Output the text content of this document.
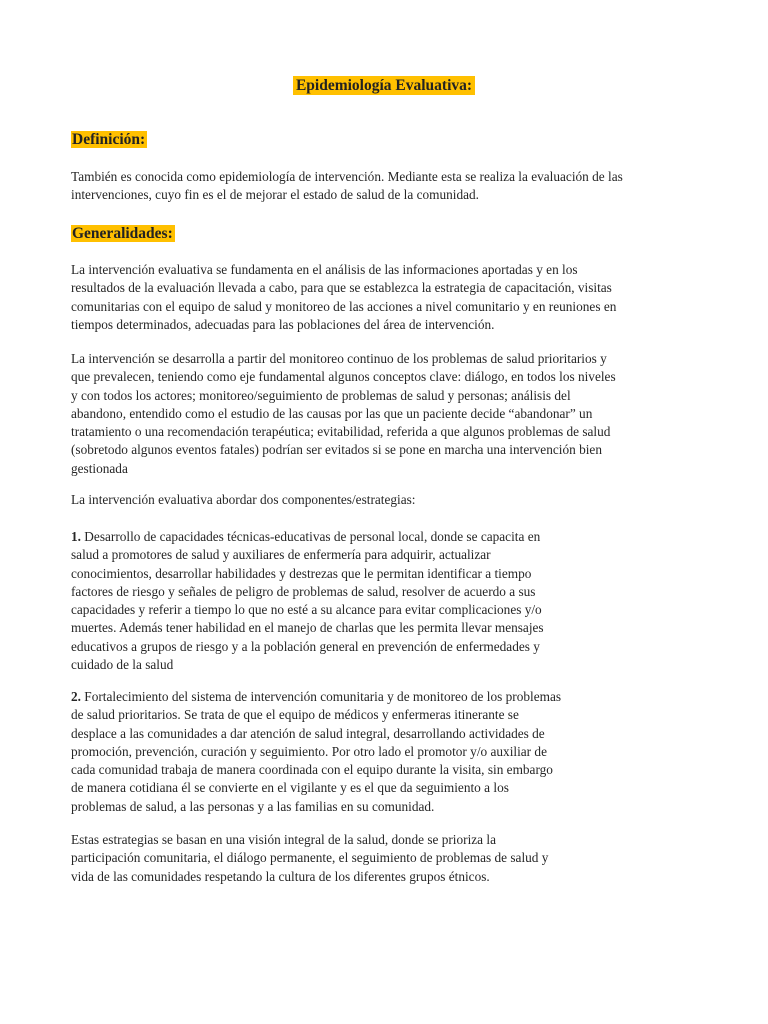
Epidemiología Evaluativa:
Definición:

También es conocida como epidemiología de intervención. Mediante esta se realiza la evaluación de las
intervenciones, cuyo fin es el de mejorar el estado de salud de la comunidad.

Generalidades:

La intervención evaluativa se fundamenta en el análisis de las informaciones aportadas y en los
resultados de la evaluación llevada a cabo, para que se establezca la estrategia de capacitación, visitas
comunitarias con el equipo de salud y monitoreo de las acciones a nivel comunitario y en reuniones en
tiempos determinados, adecuadas para las poblaciones del área de intervención.

La intervención se desarrolla a partir del monitoreo continuo de los problemas de salud prioritarios y
que prevalecen, teniendo como eje fundamental algunos conceptos clave: diálogo, en todos los niveles
y con todos los actores; monitoreo/seguimiento de problemas de salud y personas; análisis del
abandono, entendido como el estudio de las causas por las que un paciente decide “abandonar” un
tratamiento o una recomendación terapéutica; evitabilidad, referida a que algunos problemas de salud
(sobretodo algunos eventos fatales) podrían ser evitados si se pone en marcha una intervención bien
gestionada

La intervención evaluativa abordar dos componentes/estrategias:

1. Desarrollo de capacidades técnicas-educativas de personal local, donde se capacita en
salud a promotores de salud y auxiliares de enfermería para adquirir, actualizar
conocimientos, desarrollar habilidades y destrezas que le permitan identificar a tiempo
factores de riesgo y señales de peligro de problemas de salud, resolver de acuerdo a sus
capacidades y referir a tiempo lo que no esté a su alcance para evitar complicaciones y/o
muertes. Además tener habilidad en el manejo de charlas que les permita llevar mensajes
educativos a grupos de riesgo y a la población general en prevención de enfermedades y
cuidado de la salud

2. Fortalecimiento del sistema de intervención comunitaria y de monitoreo de los problemas
de salud prioritarios. Se trata de que el equipo de médicos y enfermeras itinerante se
desplace a las comunidades a dar atención de salud integral, desarrollando actividades de
promoción, prevención, curación y seguimiento. Por otro lado el promotor y/o auxiliar de
cada comunidad trabaja de manera coordinada con el equipo durante la visita, sin embargo
de manera cotidiana él se convierte en el vigilante y es el que da seguimiento a los
problemas de salud, a las personas y a las familias en su comunidad.

Estas estrategias se basan en una visión integral de la salud, donde se prioriza la
participación comunitaria, el diálogo permanente, el seguimiento de problemas de salud y
vida de las comunidades respetando la cultura de los diferentes grupos étnicos.
